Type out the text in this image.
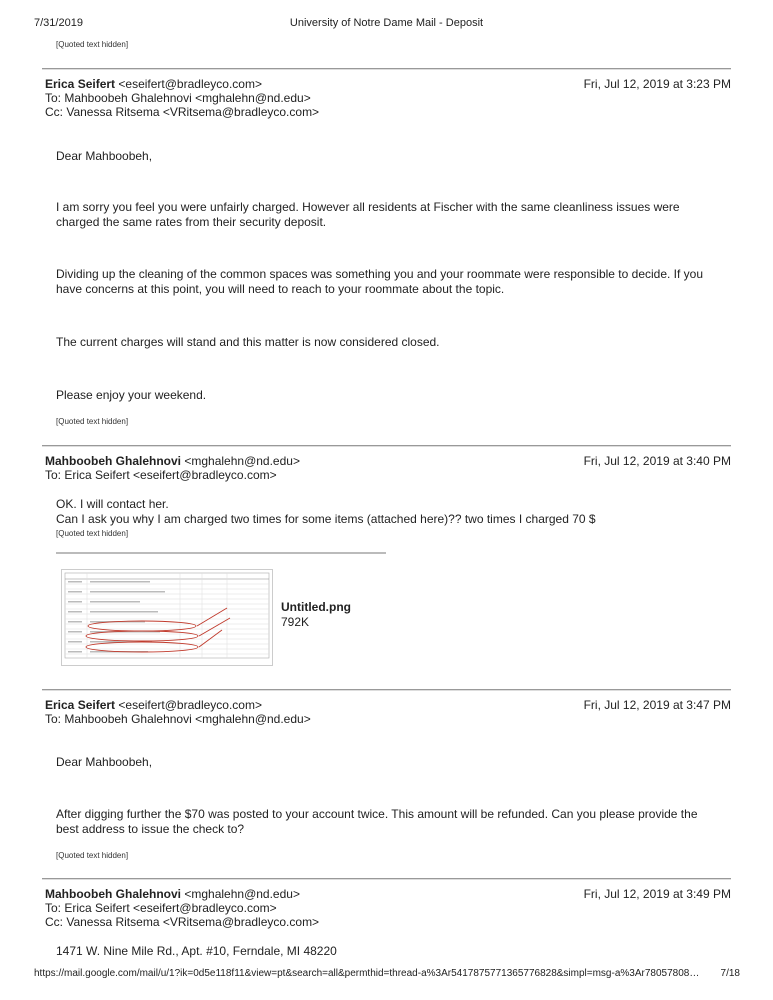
7/31/2019	University of Notre Dame Mail - Deposit
[Quoted text hidden]
Erica Seifert <eseifert@bradleyco.com>	Fri, Jul 12, 2019 at 3:23 PM
To: Mahboobeh Ghalehnovi <mghalehn@nd.edu>
Cc: Vanessa Ritsema <VRitsema@bradleyco.com>
Dear Mahboobeh,
I am sorry you feel you were unfairly charged. However all residents at Fischer with the same cleanliness issues were charged the same rates from their security deposit.
Dividing up the cleaning of the common spaces was something you and your roommate were responsible to decide. If you have concerns at this point, you will need to reach to your roommate about the topic.
The current charges will stand and this matter is now considered closed.
Please enjoy your weekend.
[Quoted text hidden]
Mahboobeh Ghalehnovi <mghalehn@nd.edu>	Fri, Jul 12, 2019 at 3:40 PM
To: Erica Seifert <eseifert@bradleyco.com>
OK. I will contact her.
Can I ask you why I am charged two times for some items (attached here)?? two times I charged 70 $
[Quoted text hidden]
Untitled.png
792K
Erica Seifert <eseifert@bradleyco.com>	Fri, Jul 12, 2019 at 3:47 PM
To: Mahboobeh Ghalehnovi <mghalehn@nd.edu>
Dear Mahboobeh,
After digging further the $70 was posted to your account twice. This amount will be refunded. Can you please provide the best address to issue the check to?
[Quoted text hidden]
Mahboobeh Ghalehnovi <mghalehn@nd.edu>	Fri, Jul 12, 2019 at 3:49 PM
To: Erica Seifert <eseifert@bradleyco.com>
Cc: Vanessa Ritsema <VRitsema@bradleyco.com>
1471 W. Nine Mile Rd., Apt. #10, Ferndale, MI 48220
https://mail.google.com/mail/u/1?ik=0d5e118f11&view=pt&search=all&permthid=thread-a%3Ar5417875771365776828&simpl=msg-a%3Ar78057808… 7/18
